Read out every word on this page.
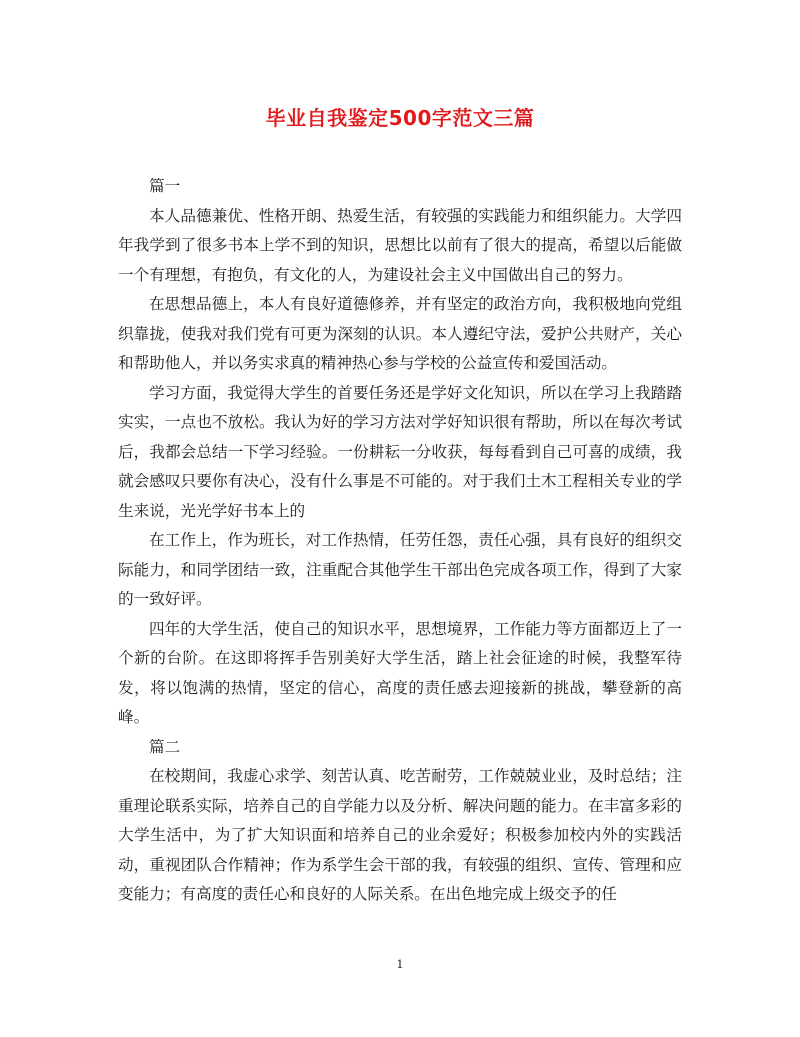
毕业自我鉴定500字范文三篇

篇一

本人品德兼优、性格开朗、热爱生活，有较强的实践能力和组织能力。大学四年我学到了很多书本上学不到的知识，思想比以前有了很大的提高，希望以后能做一个有理想，有抱负，有文化的人，为建设社会主义中国做出自己的努力。

在思想品德上，本人有良好道德修养，并有坚定的政治方向，我积极地向党组织靠拢，使我对我们党有可更为深刻的认识。本人遵纪守法，爱护公共财产，关心和帮助他人，并以务实求真的精神热心参与学校的公益宣传和爱国活动。

学习方面，我觉得大学生的首要任务还是学好文化知识，所以在学习上我踏踏实实，一点也不放松。我认为好的学习方法对学好知识很有帮助，所以在每次考试后，我都会总结一下学习经验。一份耕耘一分收获，每每看到自己可喜的成绩，我就会感叹只要你有决心，没有什么事是不可能的。对于我们土木工程相关专业的学生来说，光光学好书本上的

在工作上，作为班长，对工作热情，任劳任怨，责任心强，具有良好的组织交际能力，和同学团结一致，注重配合其他学生干部出色完成各项工作，得到了大家的一致好评。

四年的大学生活，使自己的知识水平，思想境界，工作能力等方面都迈上了一个新的台阶。在这即将挥手告别美好大学生活，踏上社会征途的时候，我整军待发，将以饱满的热情，坚定的信心，高度的责任感去迎接新的挑战，攀登新的高峰。

篇二

在校期间，我虚心求学、刻苦认真、吃苦耐劳，工作兢兢业业，及时总结；注重理论联系实际，培养自己的自学能力以及分析、解决问题的能力。在丰富多彩的大学生活中，为了扩大知识面和培养自己的业余爱好；积极参加校内外的实践活动，重视团队合作精神；作为系学生会干部的我，有较强的组织、宣传、管理和应变能力；有高度的责任心和良好的人际关系。在出色地完成上级交予的任

1
